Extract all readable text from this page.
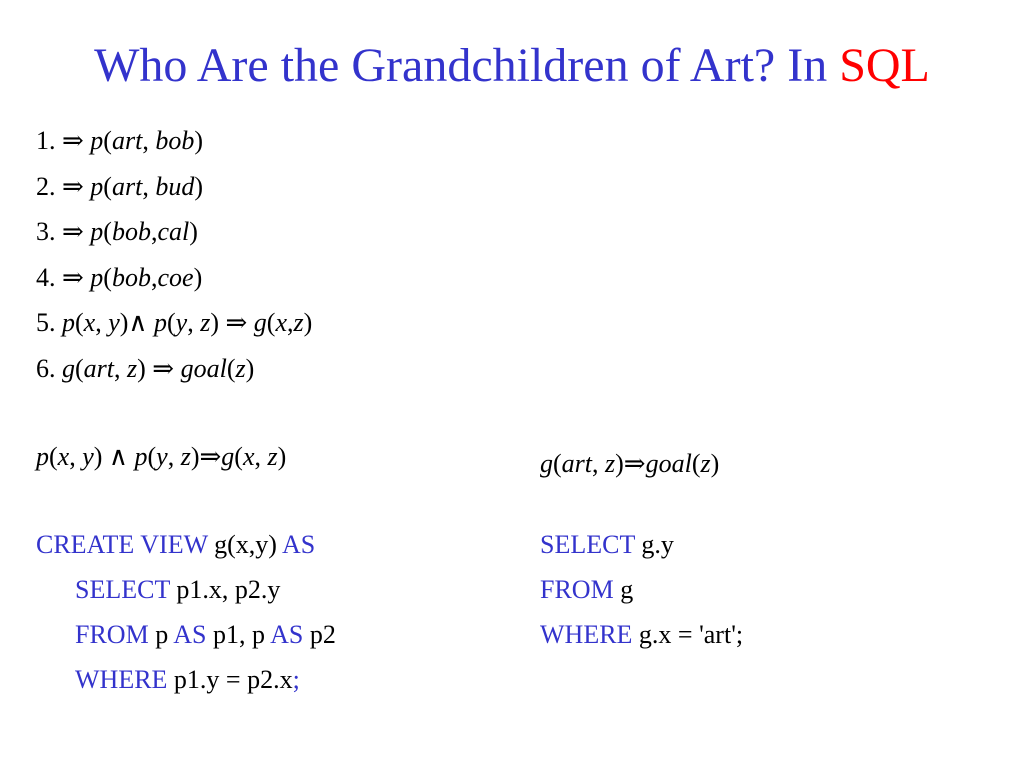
Who Are the Grandchildren of Art? In SQL
1. ⇒ p(art, bob)
2. ⇒ p(art, bud)
3. ⇒ p(bob,cal)
4. ⇒ p(bob,coe)
5. p(x, y)∧ p(y, z) ⇒ g(x,z)
6. g(art, z) ⇒ goal(z)
p(x, y) ∧ p(y, z)⇒g(x, z)	g(art, z)⇒goal(z)
CREATE VIEW g(x,y) AS
SELECT p1.x, p2.y
FROM p AS p1, p AS p2
WHERE p1.y = p2.x;
SELECT g.y
FROM g
WHERE g.x = 'art';
